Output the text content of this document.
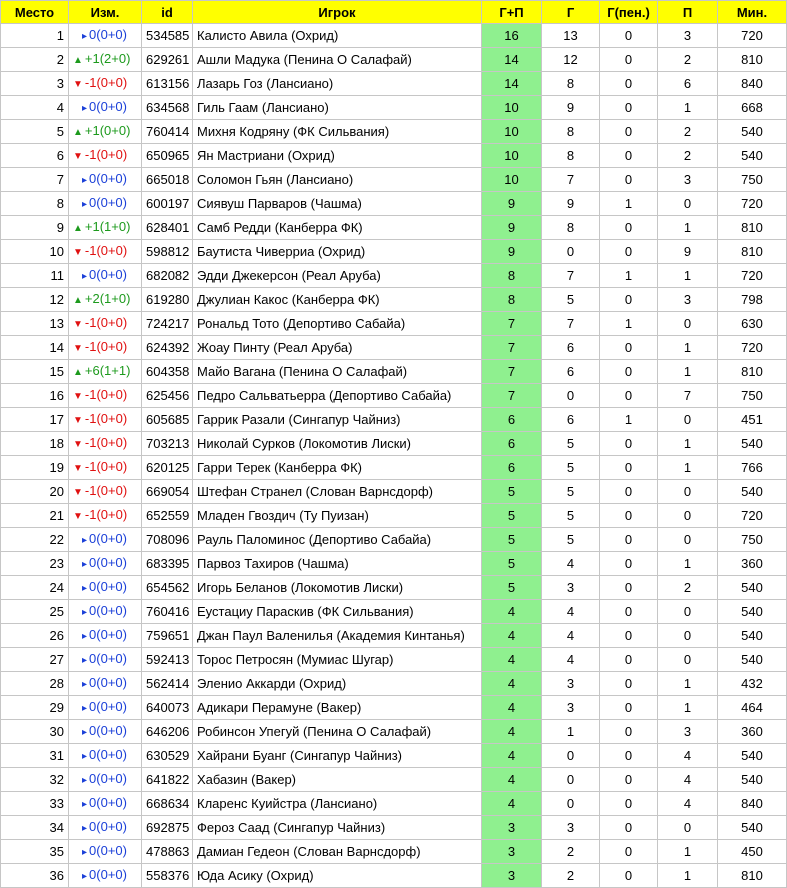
Место	Изм.	id	Игрок	Г+П	Г	Г(пен.)	П	Мин.
1	▸ 0(0+0)	534585	Калисто Авила (Охрид)	16	13	0	3	720
2	▲ +1(2+0)	629261	Ашли Мадука (Пенина О Салафай)	14	12	0	2	810
3	▼ -1(0+0)	613156	Лазарь Гоз (Лансиано)	14	8	0	6	840
4	▸ 0(0+0)	634568	Гиль Гаам (Лансиано)	10	9	0	1	668
5	▲ +1(0+0)	760414	Михня Кодряну (ФК Сильвания)	10	8	0	2	540
6	▼ -1(0+0)	650965	Ян Мастриани (Охрид)	10	8	0	2	540
7	▸ 0(0+0)	665018	Соломон Гьян (Лансиано)	10	7	0	3	750
8	▸ 0(0+0)	600197	Сиявуш Парваров (Чашма)	9	9	1	0	720
9	▲ +1(1+0)	628401	Самб Редди (Канберра ФК)	9	8	0	1	810
10	▼ -1(0+0)	598812	Баутиста Чиверриа (Охрид)	9	0	0	9	810
11	▸ 0(0+0)	682082	Эдди Джекерсон (Реал Аруба)	8	7	1	1	720
12	▲ +2(1+0)	619280	Джулиан Какос (Канберра ФК)	8	5	0	3	798
13	▼ -1(0+0)	724217	Рональд Тото (Депортиво Сабайа)	7	7	1	0	630
14	▼ -1(0+0)	624392	Жоау Пинту (Реал Аруба)	7	6	0	1	720
15	▲ +6(1+1)	604358	Майо Вагана (Пенина О Салафай)	7	6	0	1	810
16	▼ -1(0+0)	625456	Педро Сальватьерра (Депортиво Сабайа)	7	0	0	7	750
17	▼ -1(0+0)	605685	Гаррик Разали (Сингапур Чайниз)	6	6	1	0	451
18	▼ -1(0+0)	703213	Николай Сурков (Локомотив Лиски)	6	5	0	1	540
19	▼ -1(0+0)	620125	Гарри Терек (Канберра ФК)	6	5	0	1	766
20	▼ -1(0+0)	669054	Штефан Странел (Слован Варнсдорф)	5	5	0	0	540
21	▼ -1(0+0)	652559	Младен Гвоздич (Ту Пуизан)	5	5	0	0	720
22	▸ 0(0+0)	708096	Рауль Паломинос (Депортиво Сабайа)	5	5	0	0	750
23	▸ 0(0+0)	683395	Парвоз Тахиров (Чашма)	5	4	0	1	360
24	▸ 0(0+0)	654562	Игорь Беланов (Локомотив Лиски)	5	3	0	2	540
25	▸ 0(0+0)	760416	Еустациу Параскив (ФК Сильвания)	4	4	0	0	540
26	▸ 0(0+0)	759651	Джан Паул Валенилья (Академия Кинтанья)	4	4	0	0	540
27	▸ 0(0+0)	592413	Торос Петросян (Мумиас Шугар)	4	4	0	0	540
28	▸ 0(0+0)	562414	Эленио Аккарди (Охрид)	4	3	0	1	432
29	▸ 0(0+0)	640073	Адикари Перамуне (Вакер)	4	3	0	1	464
30	▸ 0(0+0)	646206	Робинсон Упегуй (Пенина О Салафай)	4	1	0	3	360
31	▸ 0(0+0)	630529	Хайрани Буанг (Сингапур Чайниз)	4	0	0	4	540
32	▸ 0(0+0)	641822	Хабазин (Вакер)	4	0	0	4	540
33	▸ 0(0+0)	668634	Кларенс Куийстра (Лансиано)	4	0	0	4	840
34	▸ 0(0+0)	692875	Фероз Саад (Сингапур Чайниз)	3	3	0	0	540
35	▸ 0(0+0)	478863	Дамиан Гедеон (Слован Варнсдорф)	3	2	0	1	450
36	▸ 0(0+0)	558376	Юда Асику (Охрид)	3	2	0	1	810
